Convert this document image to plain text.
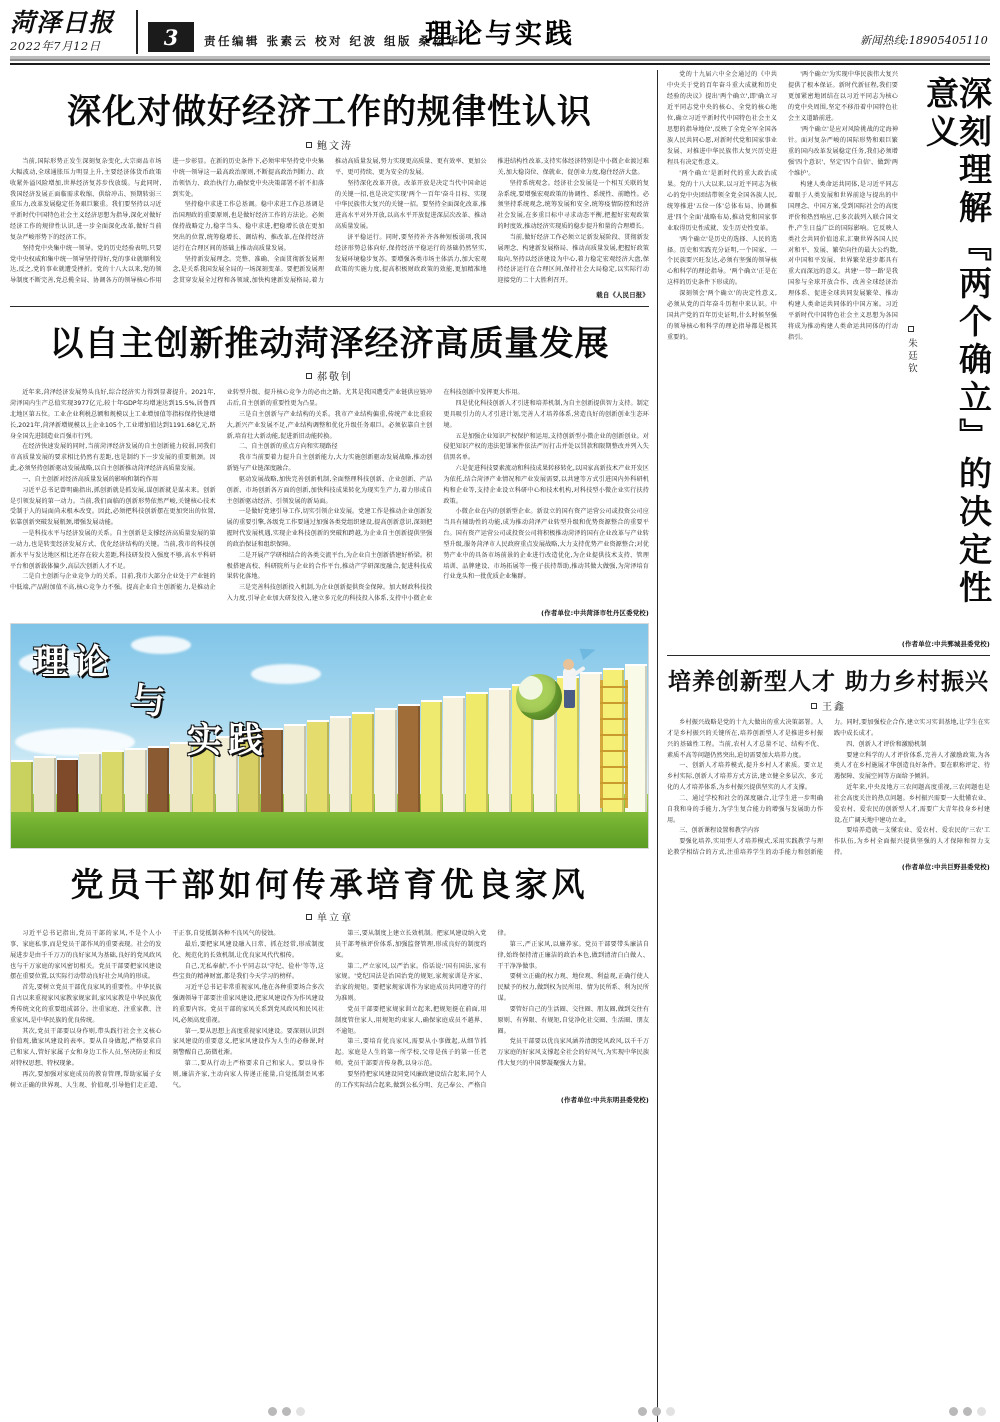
菏泽日报
2022年7月12日	3	责任编辑 张素云 校对 纪波 组版 桑松华
理论与实践	新闻热线:18905405110
深化对做好经济工作的规律性认识
鲍文涛

当前,国际形势正发生深刻复杂变化,大宗商品市场大幅波动,全球通胀压力明显上升,主要经济体货币政策收紧外溢风险增加,世界经济复苏步伐放缓。与此同时,我国经济发展正面临需求收缩、供给冲击、预期转弱三重压力,改革发展稳定任务艰巨繁重。我们要坚持以习近平新时代中国特色社会主义经济思想为指导,深化对做好经济工作的规律性认识,进一步全面深化改革,做好当前复杂严峻形势下的经济工作。

坚持党中央集中统一领导。党的历史经验表明,只要党中央权威和集中统一领导坚持得好,党的事业就顺利发达,反之,党的事业就遭受挫折。党的十八大以来,党的领导制度不断完善,党总揽全局、协调各方的领导核心作用进一步彰显。在新的历史条件下,必须牢牢坚持党中央集中统一领导这一最高政治原则,不断提高政治判断力、政治领悟力、政治执行力,确保党中央决策部署不折不扣落到实处。

坚持稳中求进工作总基调。稳中求进工作总基调是治国理政的重要原则,也是做好经济工作的方法论。必须保持战略定力,稳字当头、稳中求进,把稳增长放在更加突出的位置,统筹稳增长、调结构、推改革,在保持经济运行在合理区间的基础上推动高质量发展。

坚持新发展理念。完整、准确、全面贯彻新发展理念,是关系我国发展全局的一场深刻变革。要把新发展理念贯穿发展全过程和各领域,加快构建新发展格局,着力推动高质量发展,努力实现更高质量、更有效率、更加公平、更可持续、更为安全的发展。

坚持深化改革开放。改革开放是决定当代中国命运的关键一招,也是决定实现'两个一百年'奋斗目标、实现中华民族伟大复兴的关键一招。要坚持全面深化改革,推进高水平对外开放,以高水平开放促进深层次改革、推动高质量发展。

济平稳运行。同时,要坚持补齐各种短板弱项,我国经济形势总体向好,保持经济平稳运行的基础仍然坚实,发展环境稳步复苏。要增强各类市场主体活力,加大宏观政策的实施力度,提高积极财政政策的效能,更加精准地推进结构性改革,支持实体经济特别是中小微企业渡过难关,加大稳岗位、保就业、促创业力度,稳住经济大盘。

坚持系统观念。经济社会发展是一个相互关联的复杂系统,要增强宏观政策的协调性、系统性、前瞻性。必须坚持系统观念,统筹发展和安全,统筹疫情防控和经济社会发展,在多重目标中寻求动态平衡,把握好宏观政策的时度效,推动经济实现质的稳步提升和量的合理增长。

当前,做好经济工作必须立足新发展阶段、贯彻新发展理念、构建新发展格局、推动高质量发展,把握好政策取向,坚持以经济建设为中心,着力稳定宏观经济大盘,保持经济运行在合理区间,保持社会大局稳定,以实际行动迎接党的二十大胜利召开。

载自《人民日报》
以自主创新推动菏泽经济高质量发展
郝敬钊

近年来,菏泽经济发展势头良好,综合经济实力得到显著提升。2021年,菏泽国内生产总值实现3977亿元,较十年GDP年均增速达到15.5%,居鲁西北地区第五位。工业企业利税总额和规模以上工业增加值等指标保持快速增长,2021年,菏泽新增规模以上企业105个,工业增加值达到1191.68亿元,跻身全国先进制造业百强市行列。

在经济快速发展的同时,当前菏泽经济发展的自主创新能力较弱,同我们市高质量发展的要求相比仍然有差距,也是制约下一步发展的重要瓶颈。因此,必须坚持创新驱动发展战略,以自主创新推动菏泽经济高质量发展。

一、自主创新对经济高质量发展的影响和制约作用

习近平总书记曾明确指出,抓创新就是抓发展,谋创新就是谋未来。创新是引领发展的第一动力。当前,我们面临的创新形势依然严峻,关键核心技术受制于人的局面尚未根本改变。因此,必须把科技创新摆在更加突出的位置,依靠创新突破发展瓶颈,增强发展动能。

一是科技水平与经济发展的关系。自主创新是支撑经济高质量发展的第一动力,也是转变经济发展方式、优化经济结构的关键。当前,我市的科技创新水平与发达地区相比还存在较大差距,科技研发投入强度不够,高水平科研平台和创新载体偏少,高层次创新人才不足。

二是自主创新与企业竞争力的关系。目前,我市大部分企业处于产业链的中低端,产品附加值不高,核心竞争力不强。提高企业自主创新能力,是推动企业转型升级、提升核心竞争力的必由之路。尤其是我国遭受产业链供应链冲击后,自主创新的重要性更为凸显。

三是自主创新与产业结构的关系。我市产业结构偏重,传统产业比重较大,新兴产业发展不足,产业结构调整和优化升级任务艰巨。必须依靠自主创新,培育壮大新动能,促进新旧动能转换。

二、自主创新的重点方向和实现路径

我市当前要着力提升自主创新能力,大力实施创新驱动发展战略,推动创新链与产业链深度融合。

驱动发展战略,加快完善创新机制,全面整理科技创新、企业创新、产品创新、市场创新各方面的创新,加快科技成果转化为现实生产力,着力形成自主创新驱动经济、引领发展的新局面。

一是做好党建引导工作,切实引领企业发展。党建工作是推动企业创新发展的重要引擎,各级党工作要通过加强各类党组织建设,提高创新意识,深刻把握时代发展机遇,实现企业科技创新的突破和跨越,为企业自主创新提供坚强的政治保证和组织保障。

二是开展产学研相结合的各类交流平台,为企业自主创新搭建好桥梁。积极搭建高校、科研院所与企业的合作平台,推动产学研深度融合,促进科技成果转化落地。

三是完善科技创新投入机制,为企业创新提供资金保障。加大财政科技投入力度,引导企业加大研发投入,建立多元化的科技投入体系,支持中小微企业在科技创新中发挥更大作用。

四是优化科技创新人才引进和培养机制,为自主创新提供智力支持。制定更具吸引力的人才引进计划,完善人才培养体系,营造良好的创新创业生态环境。

五是加强企业知识产权保护和运用,支持创新型小微企业的创新创业。对侵犯知识产权的违法犯罪案件依法严厉打击并处以罚款和限期整改并列入失信黑名单。

六是促进科技要素流动和科技成果转移转化,以国家高新技术产业开发区为依托,结合菏泽产业情况和产业发展需要,以共建等方式引进国内外科研机构和企业等,支持企业设立科研中心和技术机构,对科技型小微企业实行扶持政策。

小微企业在内的创新型企业。新设立的国有资产运营公司或投资公司应当具有辅助性的功能,成为推动菏泽产业转型升级和优势资源整合的重要平台。国有资产运营公司或投资公司将积极推动菏泽的国有企业改革与产业转型升级,服务菏泽市人民政府重点发展战略,大力支持优势产业资源整合;对优势产业中的具备市场前景的企业进行改造优化,为企业提供技术支持、管理培训、品牌建设、市场拓展等一揽子扶持帮助,推动其做大做强,为菏泽培育行业龙头和一批优质企业集群。

(作者单位:中共菏泽市牡丹区委党校)
理论
与
实践
党员干部如何传承培育优良家风
单立章

习近平总书记指出,党员干部的家风,不是个人小事、家庭私事,而是党员干部作风的重要表现。社会的发展进步是由千千万万的良好家风为基础,良好的党风政风也与千万家庭的家风密切相关。党员干部要把家风建设摆在重要位置,以实际行动带动良好社会风尚的形成。

首先,要树立党员干部优良家风的重要性。中华民族自古以来重视家风家教家规家训,家风家教是中华民族优秀传统文化的重要组成部分。注重家庭、注重家教、注重家风,是中华民族的优良传统。

其次,党员干部要以身作则,带头践行社会主义核心价值观,做家风建设的表率。要从自身做起,严格要求自己和家人,管好家属子女和身边工作人员,坚决防止和反对特权思想、特权现象。

再次,要加强对家庭成员的教育管理,帮助家属子女树立正确的世界观、人生观、价值观,引导他们走正道、干正事,自觉抵制各种不良风气的侵蚀。

最后,要把家风建设融入日常、抓在经常,形成制度化、规范化的长效机制,让优良家风代代相传。

自己,无私奉献',不小平同志以'守纪、俭朴'等等,这些宝贵的精神财富,都是我们今天学习的榜样。

习近平总书记非常重视家风,他在各种重要场合多次强调领导干部要注重家风建设,把家风建设作为作风建设的重要内容。党员干部的家风关系到党风政风和民风社风,必须高度重视。

第一,要从思想上高度重视家风建设。要深刻认识到家风建设的重要意义,把家风建设作为人生的必修课,时刻警醒自己,防微杜渐。

第二,要从行动上严格要求自己和家人。要以身作则,廉洁齐家,主动向家人传递正能量,自觉抵制歪风邪气。

第三,要从制度上建立长效机制。把家风建设纳入党员干部考核评价体系,加强监督管理,形成良好的制度约束。

第二,严立家风,以严治家。俗话说:'国有国法,家有家规。'党纪国法是治国治党的规矩,家规家训是齐家、治家的规矩。要把家规家训作为家庭成员共同遵守的行为准则。

党员干部要把家规家训立起来,把规矩挺在前面,用制度管住家人,用规矩约束家人,确保家庭成员不越界、不逾矩。

第三,要培育优良家风,需要从小事做起,从细节抓起。家庭是人生的第一所学校,父母是孩子的第一任老师。党员干部要言传身教,以身示范。

要坚持把家风建设同党风廉政建设结合起来,同个人的工作实际结合起来,做到公私分明、克己奉公、严格自律。

第三,严正家风,以廉养家。党员干部要带头廉洁自律,始终保持清正廉洁的政治本色,做到清清白白做人、干干净净做事。

要树立正确的权力观、地位观、利益观,正确行使人民赋予的权力,做到权为民所用、情为民所系、利为民所谋。

要管好自己的生活圈、交往圈、朋友圈,做到交往有原则、有界限、有规矩,自觉净化社交圈、生活圈、朋友圈。

党员干部要以优良家风涵养清朗党风政风,以千千万万家庭的好家风支撑起全社会的好风气,为实现中华民族伟大复兴的中国梦凝聚强大力量。

(作者单位:中共东明县委党校)

党的十九届六中全会通过的《中共中央关于党的百年奋斗重大成就和历史经验的决议》提出'两个确立',即'确立习近平同志党中央的核心、全党的核心地位,确立习近平新时代中国特色社会主义思想的指导地位',反映了全党全军全国各族人民共同心愿,对新时代党和国家事业发展、对推进中华民族伟大复兴历史进程具有决定性意义。

'两个确立'是新时代的重大政治成果。党的十八大以来,以习近平同志为核心的党中央团结带领全党全国各族人民,统筹推进'五位一体'总体布局、协调推进'四个全面'战略布局,推动党和国家事业取得历史性成就、发生历史性变革。

'两个确立'是历史的选择、人民的选择。历史和实践充分证明,一个国家、一个民族要兴旺发达,必须有坚强的领导核心和科学的理论指导。'两个确立'正是在这样的历史条件下形成的。

深刻领会'两个确立'的决定性意义,必须从党的百年奋斗历程中来认识。中国共产党的百年历史证明,什么时候坚强的领导核心和科学的理论指导都是极其重要的。

'两个确立'为实现中华民族伟大复兴提供了根本保证。新时代新征程,我们要更加紧密地团结在以习近平同志为核心的党中央周围,坚定不移沿着中国特色社会主义道路前进。

'两个确立'是应对风险挑战的定海神针。面对复杂严峻的国际形势和艰巨繁重的国内改革发展稳定任务,我们必须增强'四个意识'、坚定'四个自信'、做到'两个维护'。

构建人类命运共同体,是习近平同志着眼于人类发展和世界前途与提出的中国理念、中国方案,受到国际社会的高度评价和热烈响应,已多次载列入联合国文件,产生日益广泛的国际影响。它反映人类社会共同价值追求,汇聚世界各国人民对和平、发展、繁荣向往的最大公约数,对中国和平发展、世界繁荣进步都具有重大而深远的意义。共建'一带一路'是我国参与全球开放合作、改善全球经济治理体系、促进全球共同发展繁荣、推动构建人类命运共同体的中国方案。习近平新时代中国特色社会主义思想为各国将成为推动构建人类命运共同体的行动指引。

朱廷钦	深刻理解『两个确立』的决定性意义
(作者单位:中共鄄城县委党校)
培养创新型人才 助力乡村振兴
王鑫

乡村振兴战略是党的十九大做出的重大决策部署。人才是乡村振兴的关键所在,培养创新型人才是推进乡村振兴的基础性工程。当前,农村人才总量不足、结构不优、素质不高等问题仍然突出,迫切需要加大培养力度。

一、创新人才培养模式,提升乡村人才素质。要立足乡村实际,创新人才培养方式方法,建立健全多层次、多元化的人才培养体系,为乡村振兴提供坚实的人才支撑。

二、通过学校和社会的深度融合,让学生进一步明确自我和身的手能力,为学生复合能力的增强与发展助力作用。

三、创新课程设置和教学内容

要强化培养,实用型人才培养模式,采用实践教学与理论教学相结合的方式,注重培养学生的动手能力和创新能力。同时,要加强校企合作,建立实习实训基地,让学生在实践中成长成才。

四、创新人才评价和激励机制

要建立科学的人才评价体系,完善人才激励政策,为各类人才在乡村施展才华创造良好条件。要在职称评定、待遇保障、发展空间等方面给予倾斜。

近年来,中央及地方三农问题高度重视,三农问题也是社会高度关注的热点问题。乡村振兴需要一大批懂农业、爱农村、爱农民的创新型人才,需要广大青年投身乡村建设,在广阔天地中建功立业。

要培养造就一支懂农业、爱农村、爱农民的'三农'工作队伍,为乡村全面振兴提供坚强的人才保障和智力支持。

(作者单位:中共巨野县委党校)
